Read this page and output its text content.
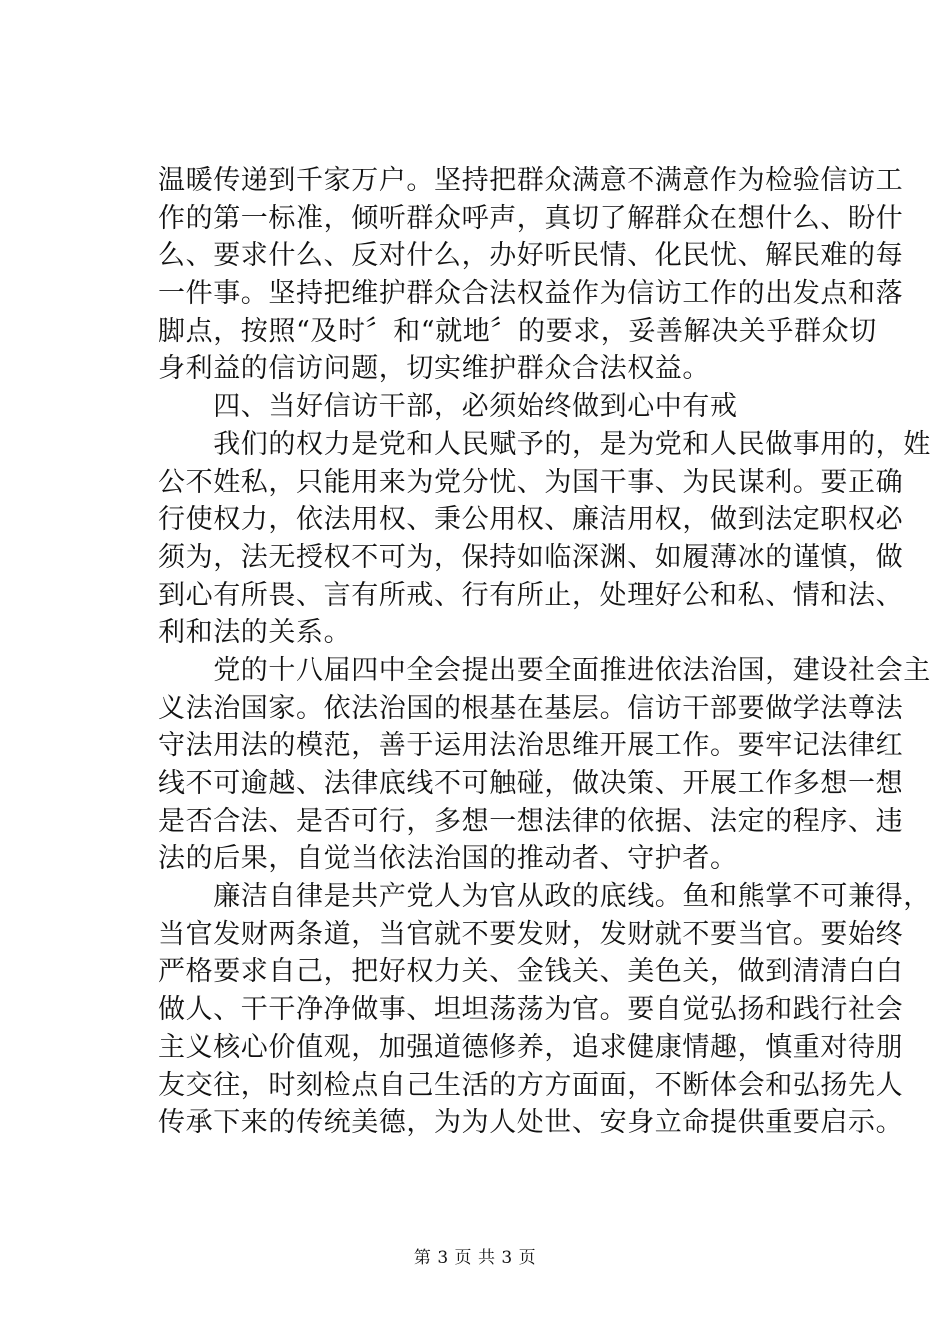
温暖传递到千家万户。坚持把群众满意不满意作为检验信访工
作的第一标准，倾听群众呼声，真切了解群众在想什么、盼什
么、要求什么、反对什么，办好听民情、化民忧、解民难的每
一件事。坚持把维护群众合法权益作为信访工作的出发点和落
脚点，按照“及时〞和“就地〞的要求，妥善解决关乎群众切
身利益的信访问题，切实维护群众合法权益。
　　四、当好信访干部，必须始终做到心中有戒
　　我们的权力是党和人民赋予的，是为党和人民做事用的，姓
公不姓私，只能用来为党分忧、为国干事、为民谋利。要正确
行使权力，依法用权、秉公用权、廉洁用权，做到法定职权必
须为，法无授权不可为，保持如临深渊、如履薄冰的谨慎，做
到心有所畏、言有所戒、行有所止，处理好公和私、情和法、
利和法的关系。
　　党的十八届四中全会提出要全面推进依法治国，建设社会主
义法治国家。依法治国的根基在基层。信访干部要做学法尊法
守法用法的模范，善于运用法治思维开展工作。要牢记法律红
线不可逾越、法律底线不可触碰，做决策、开展工作多想一想
是否合法、是否可行，多想一想法律的依据、法定的程序、违
法的后果，自觉当依法治国的推动者、守护者。
　　廉洁自律是共产党人为官从政的底线。鱼和熊掌不可兼得，
当官发财两条道，当官就不要发财，发财就不要当官。要始终
严格要求自己，把好权力关、金钱关、美色关，做到清清白白
做人、干干净净做事、坦坦荡荡为官。要自觉弘扬和践行社会
主义核心价值观，加强道德修养，追求健康情趣，慎重对待朋
友交往，时刻检点自己生活的方方面面，不断体会和弘扬先人
传承下来的传统美德，为为人处世、安身立命提供重要启示。
第 3 页 共 3 页
